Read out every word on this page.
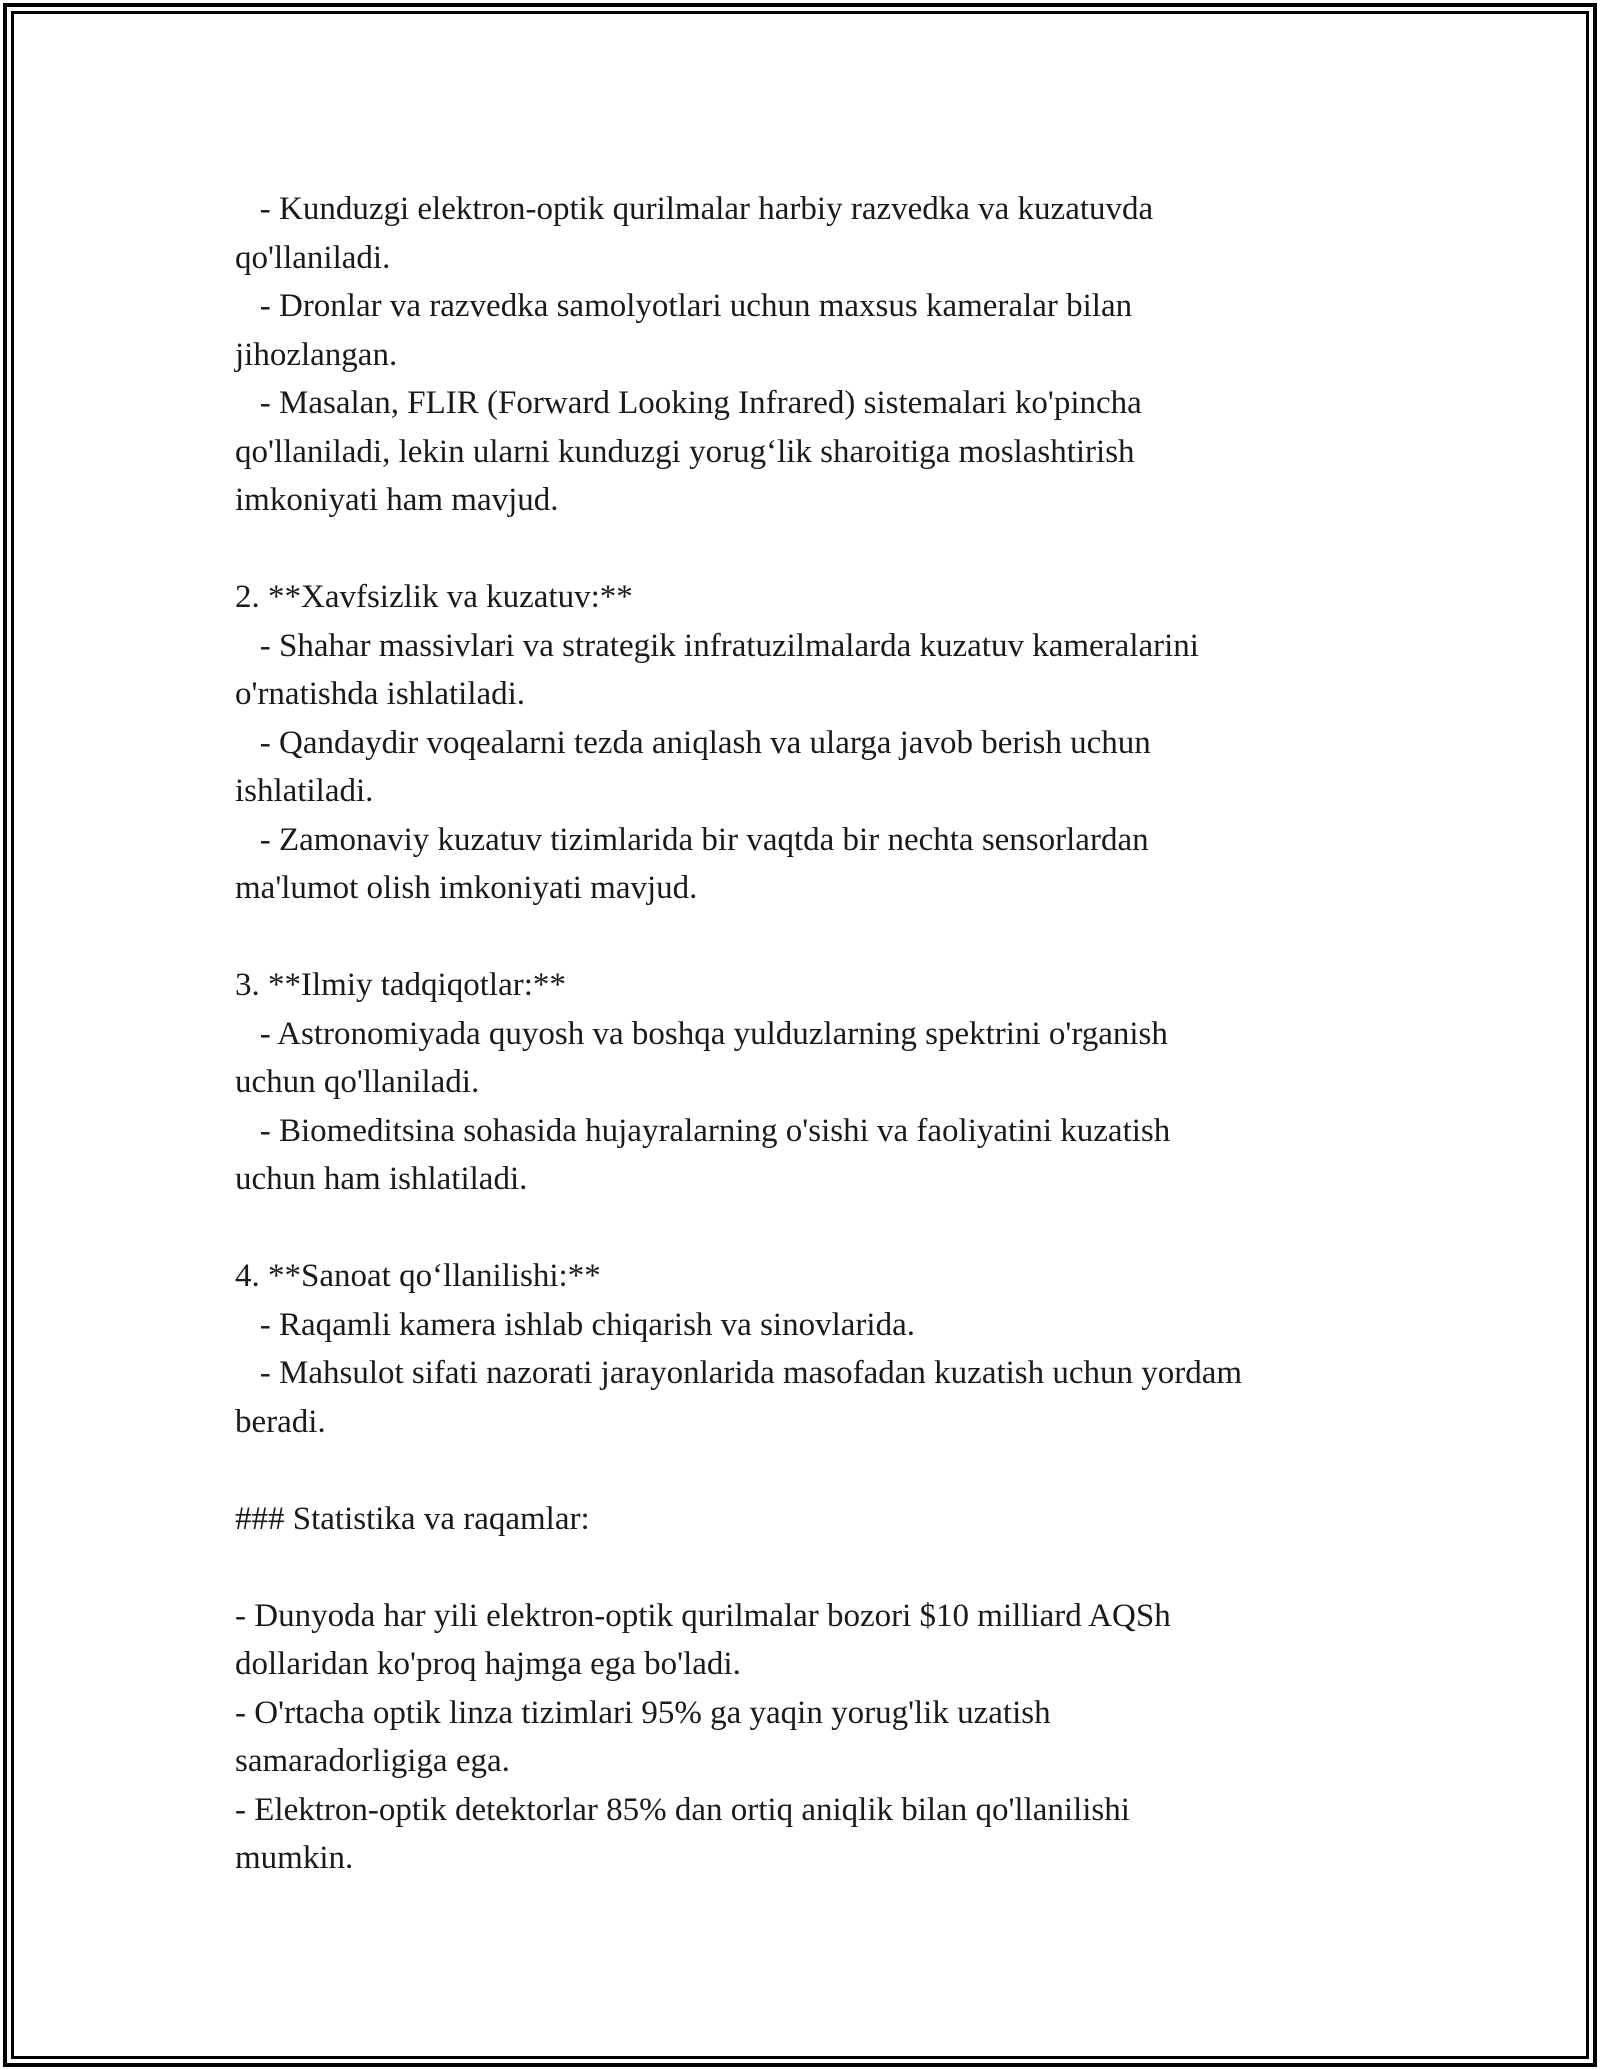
- Kunduzgi elektron-optik qurilmalar harbiy razvedka va kuzatuvda

qo'llaniladi.

- Dronlar va razvedka samolyotlari uchun maxsus kameralar bilan

jihozlangan.

- Masalan, FLIR (Forward Looking Infrared) sistemalari ko'pincha

qo'llaniladi, lekin ularni kunduzgi yorug‘lik sharoitiga moslashtirish

imkoniyati ham mavjud.

2. **Xavfsizlik va kuzatuv:**

- Shahar massivlari va strategik infratuzilmalarda kuzatuv kameralarini

o'rnatishda ishlatiladi.

- Qandaydir voqealarni tezda aniqlash va ularga javob berish uchun

ishlatiladi.

- Zamonaviy kuzatuv tizimlarida bir vaqtda bir nechta sensorlardan

ma'lumot olish imkoniyati mavjud.

3. **Ilmiy tadqiqotlar:**

- Astronomiyada quyosh va boshqa yulduzlarning spektrini o'rganish

uchun qo'llaniladi.

- Biomeditsina sohasida hujayralarning o'sishi va faoliyatini kuzatish

uchun ham ishlatiladi.

4. **Sanoat qo‘llanilishi:**

- Raqamli kamera ishlab chiqarish va sinovlarida.

- Mahsulot sifati nazorati jarayonlarida masofadan kuzatish uchun yordam

beradi.

### Statistika va raqamlar:

- Dunyoda har yili elektron-optik qurilmalar bozori $10 milliard AQSh

dollaridan ko'proq hajmga ega bo'ladi.

- O'rtacha optik linza tizimlari 95% ga yaqin yorug'lik uzatish

samaradorligiga ega.

- Elektron-optik detektorlar 85% dan ortiq aniqlik bilan qo'llanilishi

mumkin.
